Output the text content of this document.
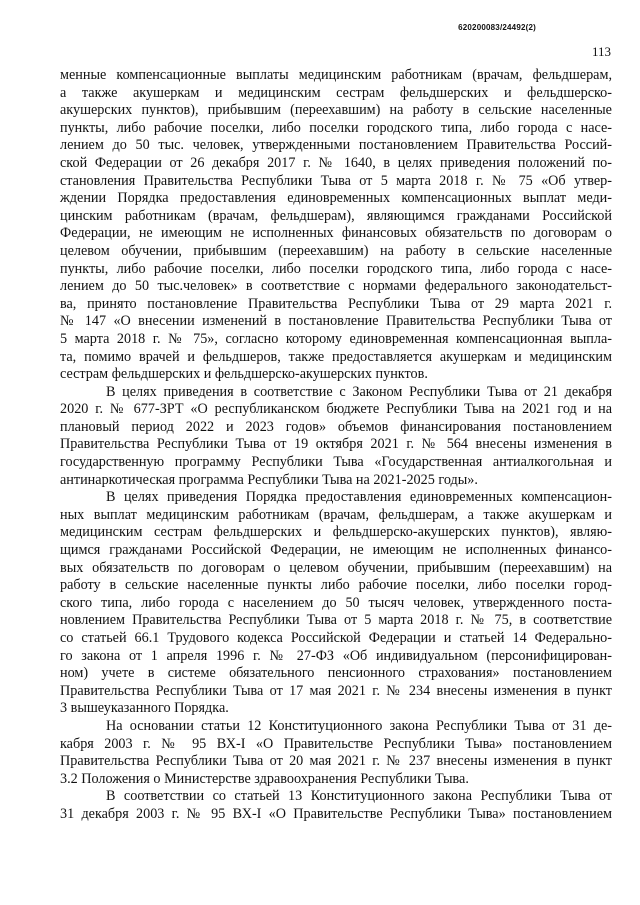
620200083/24492(2)
113
менные компенсационные выплаты медицинским работникам (врачам, фельдшерам,
а также акушеркам и медицинским сестрам фельдшерских и фельдшерско-
акушерских пунктов), прибывшим (переехавшим) на работу в сельские населенные
пункты, либо рабочие поселки, либо поселки городского типа, либо города с насе-
лением до 50 тыс. человек, утвержденными постановлением Правительства Россий-
ской Федерации от 26 декабря 2017 г. № 1640, в целях приведения положений по-
становления Правительства Республики Тыва от 5 марта 2018 г. № 75 «Об утвер-
ждении Порядка предоставления единовременных компенсационных выплат меди-
цинским работникам (врачам, фельдшерам), являющимся гражданами Российской
Федерации, не имеющим не исполненных финансовых обязательств по договорам о
целевом обучении, прибывшим (переехавшим) на работу в сельские населенные
пункты, либо рабочие поселки, либо поселки городского типа, либо города с насе-
лением до 50 тыс.человек» в соответствие с нормами федерального законодательст-
ва, принято постановление Правительства Республики Тыва от 29 марта 2021 г.
№ 147 «О внесении изменений в постановление Правительства Республики Тыва от
5 марта 2018 г. № 75», согласно которому единовременная компенсационная выпла-
та, помимо врачей и фельдшеров, также предоставляется акушеркам и медицинским
сестрам фельдшерских и фельдшерско-акушерских пунктов.
В целях приведения в соответствие с Законом Республики Тыва от 21 декабря
2020 г. № 677-ЗРТ «О республиканском бюджете Республики Тыва на 2021 год и на
плановый период 2022 и 2023 годов» объемов финансирования постановлением
Правительства Республики Тыва от 19 октября 2021 г. № 564 внесены изменения в
государственную программу Республики Тыва «Государственная антиалкогольная и
антинаркотическая программа Республики Тыва на 2021-2025 годы».
В целях приведения Порядка предоставления единовременных компенсацион-
ных выплат медицинским работникам (врачам, фельдшерам, а также акушеркам и
медицинским сестрам фельдшерских и фельдшерско-акушерских пунктов), являю-
щимся гражданами Российской Федерации, не имеющим не исполненных финансо-
вых обязательств по договорам о целевом обучении, прибывшим (переехавшим) на
работу в сельские населенные пункты либо рабочие поселки, либо поселки город-
ского типа, либо города с населением до 50 тысяч человек, утвержденного поста-
новлением Правительства Республики Тыва от 5 марта 2018 г. № 75, в соответствие
со статьей 66.1 Трудового кодекса Российской Федерации и статьей 14 Федерально-
го закона от 1 апреля 1996 г. № 27-ФЗ «Об индивидуальном (персонифицирован-
ном) учете в системе обязательного пенсионного страхования» постановлением
Правительства Республики Тыва от 17 мая 2021 г. № 234 внесены изменения в пункт
3 вышеуказанного Порядка.
На основании статьи 12 Конституционного закона Республики Тыва от 31 де-
кабря 2003 г. № 95 ВХ-I «О Правительстве Республики Тыва» постановлением
Правительства Республики Тыва от 20 мая 2021 г. № 237 внесены изменения в пункт
3.2 Положения о Министерстве здравоохранения Республики Тыва.
В соответствии со статьей 13 Конституционного закона Республики Тыва от
31 декабря 2003 г. № 95 ВХ-I «О Правительстве Республики Тыва» постановлением
